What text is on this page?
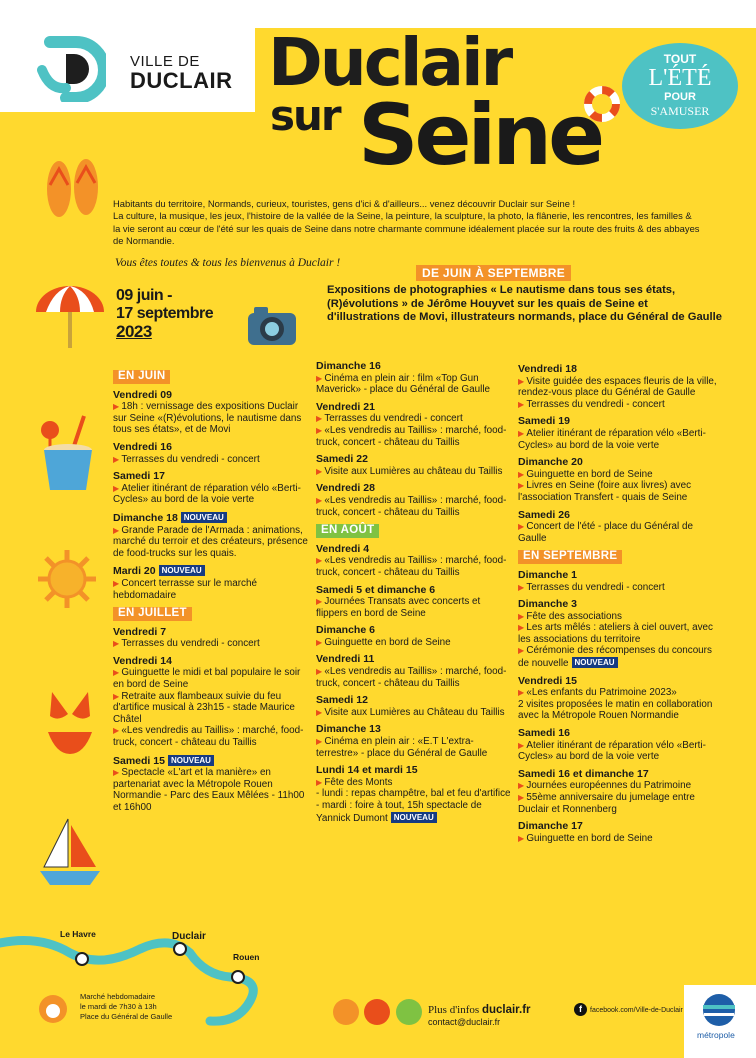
VILLE DE
DUCLAIR Duclair
sur Seine
TOUT
L'ÉTÉ
POUR
S'AMUSER
Habitants du territoire, Normands, curieux, touristes, gens d'ici & d'ailleurs... venez découvrir Duclair sur Seine !
La culture, la musique, les jeux, l'histoire de la vallée de la Seine, la peinture, la sculpture, la photo, la flânerie, les rencontres, les familles & la vie seront au cœur de l'été sur les quais de Seine dans notre charmante commune idéalement placée sur la route des fruits & des abbayes de Normandie.
Vous êtes toutes & tous les bienvenus à Duclair !
DE JUIN À SEPTEMBRE
09 juin -
17 septembre
2023
Expositions de photographies « Le nautisme dans tous ses états, (R)évolutions » de Jérôme Houyvet sur les quais de Seine et d'illustrations de Movi, illustrateurs normands, place du Général de Gaulle
EN JUIN
Vendredi 09
▶ 18h : vernissage des expositions Duclair sur Seine «(R)évolutions, le nautisme dans tous ses états», et de Movi
Vendredi 16
▶ Terrasses du vendredi - concert
Samedi 17
▶ Atelier itinérant de réparation vélo «Berti-Cycles» au bord de la voie verte
Dimanche 18 NOUVEAU
▶ Grande Parade de l'Armada : animations, marché du terroir et des créateurs, présence de food-trucks sur les quais.
Mardi 20 NOUVEAU
▶ Concert terrasse sur le marché hebdomadaire
EN JUILLET
Vendredi 7
▶ Terrasses du vendredi - concert
Vendredi 14
▶ Guinguette le midi et bal populaire le soir en bord de Seine
▶ Retraite aux flambeaux suivie du feu d'artifice musical à 23h15 - stade Maurice Châtel
▶ «Les vendredis au Taillis» : marché, food-truck, concert - château du Taillis
Samedi 15 NOUVEAU
▶ Spectacle «L'art et la manière» en partenariat avec la Métropole Rouen Normandie - Parc des Eaux Mêlées - 11h00 et 16h00
Dimanche 16
▶ Cinéma en plein air : film «Top Gun Maverick» - place du Général de Gaulle
Vendredi 21
▶ Terrasses du vendredi - concert
▶ «Les vendredis au Taillis» : marché, food-truck, concert - château du Taillis
Samedi 22
▶ Visite aux Lumières au château du Taillis
Vendredi 28
▶ «Les vendredis au Taillis» : marché, food-truck, concert - château du Taillis
EN AOÛT
Vendredi 4
▶ «Les vendredis au Taillis» : marché, food-truck, concert - château du Taillis
Samedi 5 et dimanche 6
▶ Journées Transats avec concerts et flippers en bord de Seine
Dimanche 6
▶ Guinguette en bord de Seine
Vendredi 11
▶ «Les vendredis au Taillis» : marché, food-truck, concert - château du Taillis
Samedi 12
▶ Visite aux Lumières au Château du Taillis
Dimanche 13
▶ Cinéma en plein air : «E.T L'extra-terrestre» - place du Général de Gaulle
Lundi 14 et mardi 15
▶ Fête des Monts
- lundi : repas champêtre, bal et feu d'artifice
- mardi : foire à tout, 15h spectacle de Yannick Dumont NOUVEAU
Vendredi 18
▶ Visite guidée des espaces fleuris de la ville, rendez-vous place du Général de Gaulle
▶ Terrasses du vendredi - concert
Samedi 19
▶ Atelier itinérant de réparation vélo «Berti-Cycles» au bord de la voie verte
Dimanche 20
▶ Guinguette en bord de Seine
▶ Livres en Seine (foire aux livres) avec l'association Transfert - quais de Seine
Samedi 26
▶ Concert de l'été - place du Général de Gaulle
EN SEPTEMBRE
Dimanche 1
▶ Terrasses du vendredi - concert
Dimanche 3
▶ Fête des associations
▶ Les arts mêlés : ateliers à ciel ouvert, avec les associations du territoire
▶ Cérémonie des récompenses du concours de nouvelle NOUVEAU
Vendredi 15
▶ «Les enfants du Patrimoine 2023»
2 visites proposées le matin en collaboration avec la Métropole Rouen Normandie
Samedi 16
▶ Atelier itinérant de réparation vélo «Berti-Cycles» au bord de la voie verte
Samedi 16 et dimanche 17
▶ Journées européennes du Patrimoine
▶ 55ème anniversaire du jumelage entre Duclair et Ronnenberg
Dimanche 17
▶ Guinguette en bord de Seine
Le Havre	Duclair
Rouen
Marché hebdomadaire
le mardi de 7h30 à 13h
Place du Général de Gaulle
Plus d'infos duclair.fr
contact@duclair.fr
f	facebook.com/Ville-de-Duclair
métropole
